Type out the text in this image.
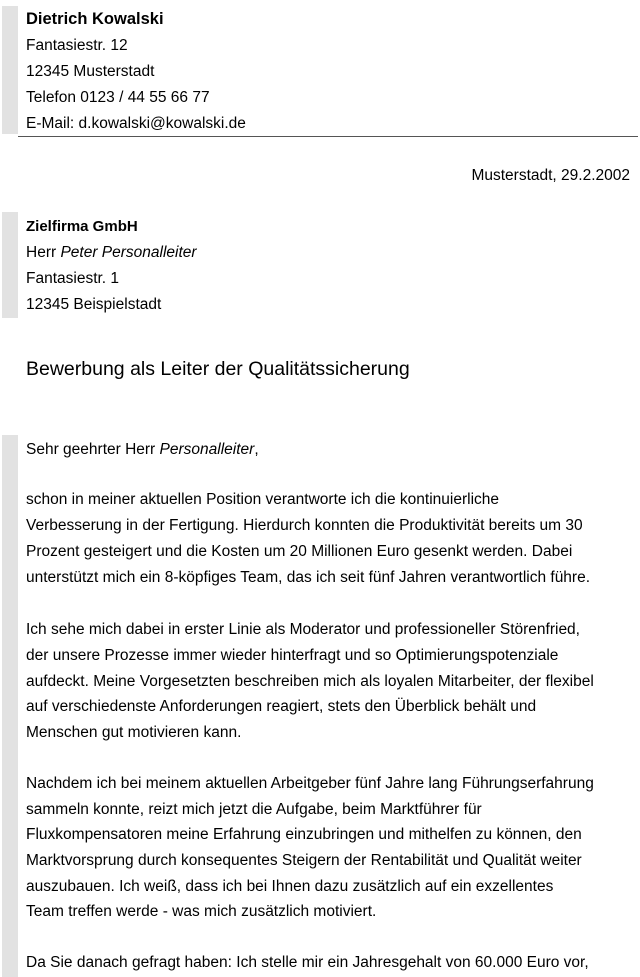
Dietrich Kowalski
Fantasiestr. 12
12345 Musterstadt
Telefon 0123 / 44 55 66 77
E-Mail: d.kowalski@kowalski.de
Musterstadt, 29.2.2002
Zielfirma GmbH
Herr Peter Personalleiter
Fantasiestr. 1
12345 Beispielstadt
Bewerbung als Leiter der Qualitätssicherung
Sehr geehrter Herr Personalleiter,
schon in meiner aktuellen Position verantworte ich die kontinuierliche
Verbesserung in der Fertigung. Hierdurch konnten die Produktivität bereits um 30
Prozent gesteigert und die Kosten um 20 Millionen Euro gesenkt werden. Dabei
unterstützt mich ein 8-köpfiges Team, das ich seit fünf Jahren verantwortlich führe.
Ich sehe mich dabei in erster Linie als Moderator und professioneller Störenfried,
der unsere Prozesse immer wieder hinterfragt und so Optimierungspotenziale
aufdeckt. Meine Vorgesetzten beschreiben mich als loyalen Mitarbeiter, der flexibel
auf verschiedenste Anforderungen reagiert, stets den Überblick behält und
Menschen gut motivieren kann.
Nachdem ich bei meinem aktuellen Arbeitgeber fünf Jahre lang Führungserfahrung
sammeln konnte, reizt mich jetzt die Aufgabe, beim Marktführer für
Fluxkompensatoren meine Erfahrung einzubringen und mithelfen zu können, den
Marktvorsprung durch konsequentes Steigern der Rentabilität und Qualität weiter
auszubauen. Ich weiß, dass ich bei Ihnen dazu zusätzlich auf ein exzellentes
Team treffen werde - was mich zusätzlich motiviert.
Da Sie danach gefragt haben: Ich stelle mir ein Jahresgehalt von 60.000 Euro vor,
